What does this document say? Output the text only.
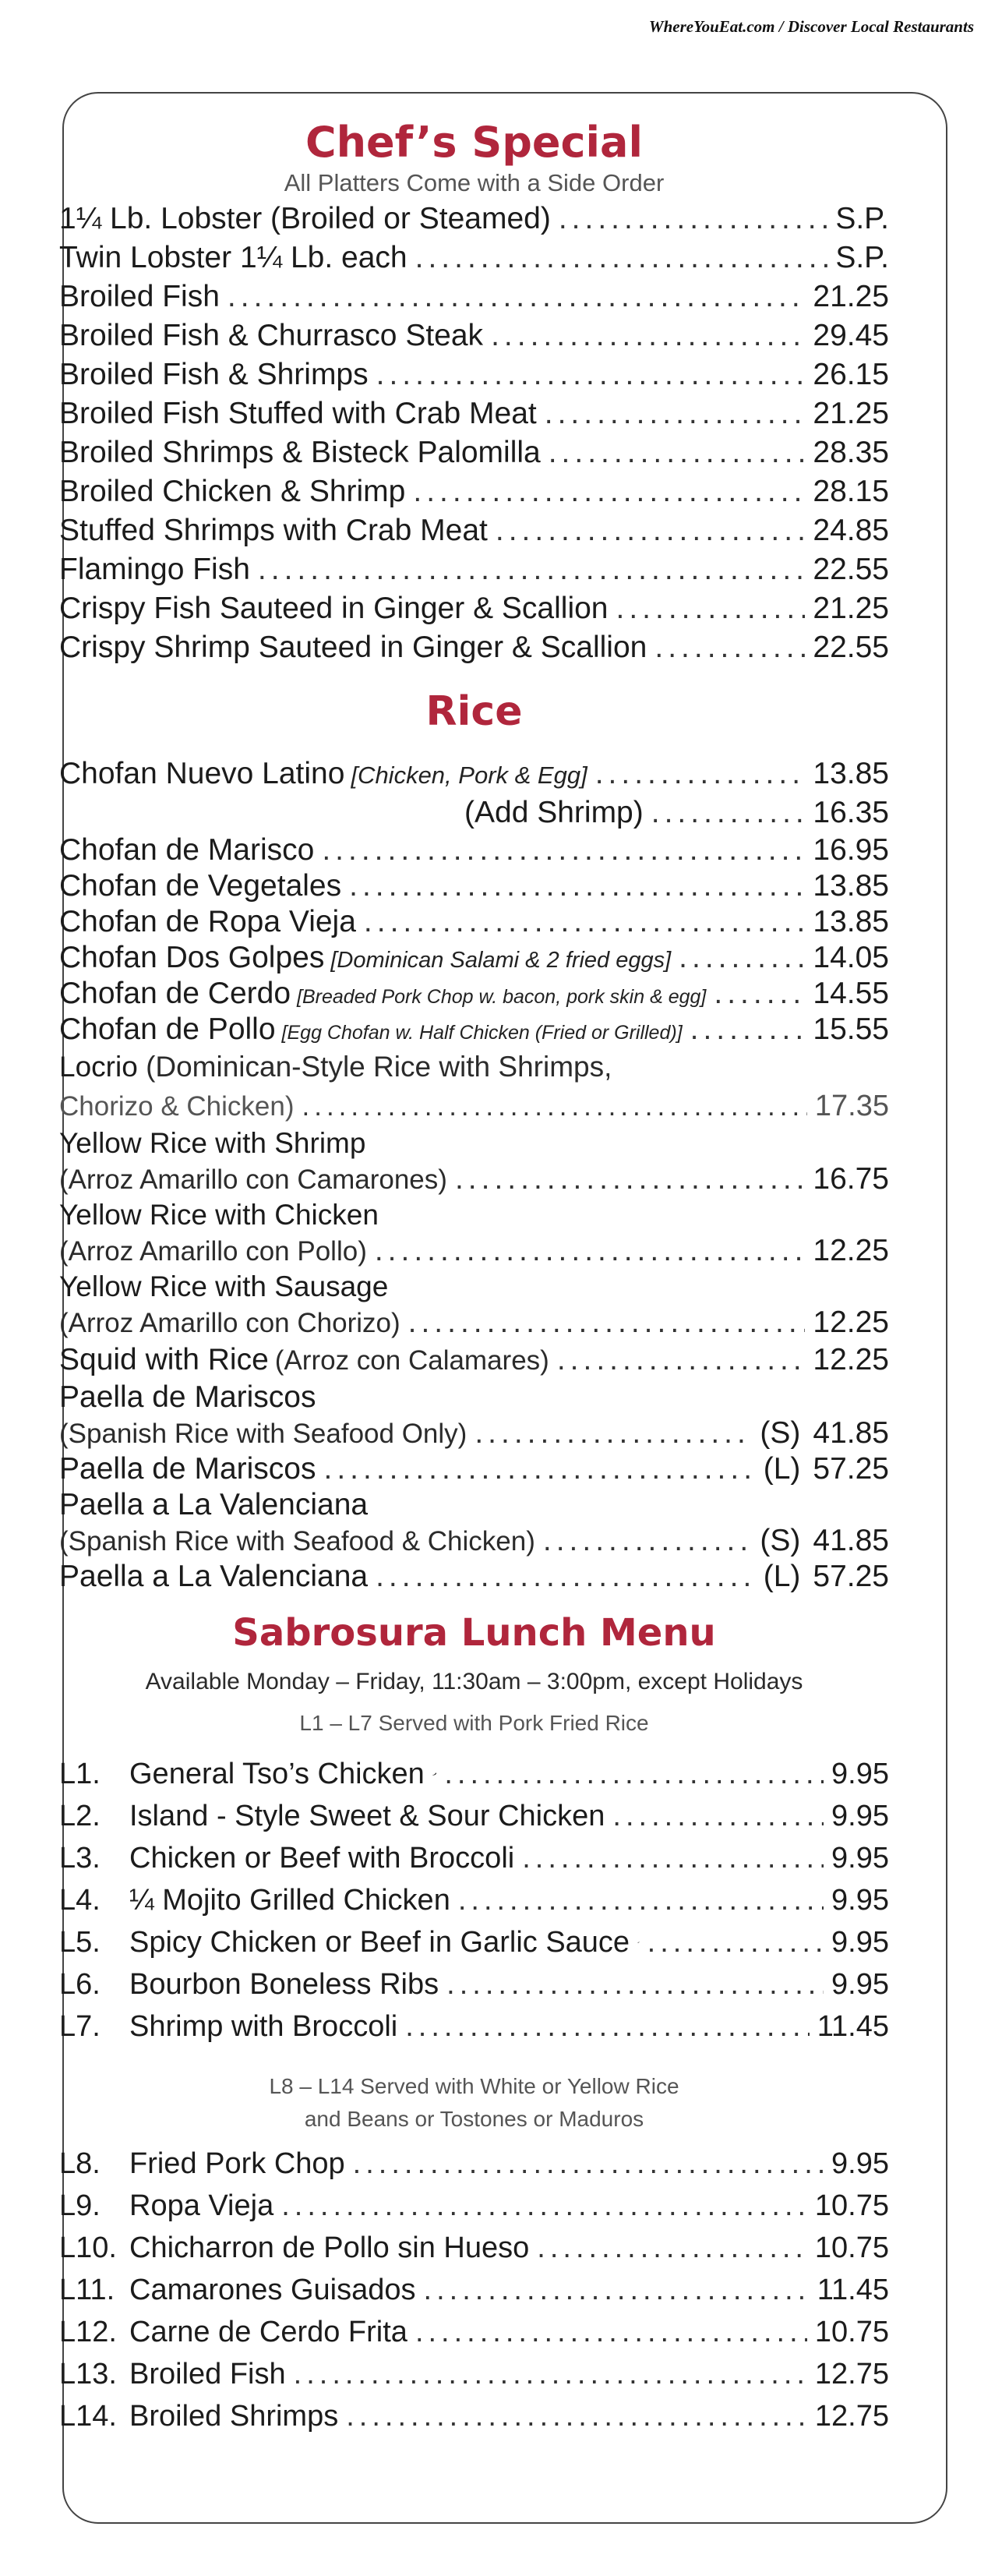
WhereYouEat.com / Discover Local Restaurants
Chef’s Special

All Platters Come with a Side Order

1¼ Lb. Lobster (Broiled or Steamed) .....	S.P.
Twin Lobster 1¼ Lb. each .....	S.P.
Broiled Fish .....	21.25
Broiled Fish & Churrasco Steak .....	29.45
Broiled Fish & Shrimps .....	26.15
Broiled Fish Stuffed with Crab Meat .....	21.25
Broiled Shrimps & Bisteck Palomilla .....	28.35
Broiled Chicken & Shrimp .....	28.15
Stuffed Shrimps with Crab Meat .....	24.85
Flamingo Fish .....	22.55
Crispy Fish Sauteed in Ginger & Scallion .....	21.25
Crispy Shrimp Sauteed in Ginger & Scallion .....	22.55
Rice
Chofan Nuevo Latino [Chicken, Pork & Egg] .....	13.85
(Add Shrimp) .....	16.35
Chofan de Marisco .....	16.95
Chofan de Vegetales .....	13.85
Chofan de Ropa Vieja .....	13.85
Chofan Dos Golpes [Dominican Salami & 2 fried eggs] .....	14.05
Chofan de Cerdo [Breaded Pork Chop w. bacon, pork skin & egg] .....	14.55
Chofan de Pollo [Egg Chofan w. Half Chicken (Fried or Grilled)] .....	15.55
Locrio (Dominican-Style Rice with Shrimps,
Chorizo & Chicken) .....	17.35
Yellow Rice with Shrimp
(Arroz Amarillo con Camarones) .....	16.75
Yellow Rice with Chicken
(Arroz Amarillo con Pollo) .....	12.25
Yellow Rice with Sausage
(Arroz Amarillo con Chorizo) .....	12.25
Squid with Rice (Arroz con Calamares) .....	12.25
Paella de Mariscos
(Spanish Rice with Seafood Only) .....	(S) 41.85
Paella de Mariscos .....	(L) 57.25
Paella a La Valenciana
(Spanish Rice with Seafood & Chicken) .....	(S) 41.85
Paella a La Valenciana .....	(L) 57.25
Sabrosura Lunch Menu

Available Monday – Friday, 11:30am – 3:00pm, except Holidays

L1 – L7 Served with Pork Fried Rice

L1. General Tso’s Chicken .....	9.95
L2. Island - Style Sweet & Sour Chicken .....	9.95
L3. Chicken or Beef with Broccoli .....	9.95
L4. ¼ Mojito Grilled Chicken .....	9.95
L5. Spicy Chicken or Beef in Garlic Sauce .....	9.95
L6. Bourbon Boneless Ribs .....	9.95
L7. Shrimp with Broccoli .....	11.45

L8 – L14 Served with White or Yellow Rice

and Beans or Tostones or Maduros

L8. Fried Pork Chop .....	9.95
L9. Ropa Vieja .....	10.75
L10. Chicharron de Pollo sin Hueso .....	10.75
L11. Camarones Guisados .....	11.45
L12. Carne de Cerdo Frita .....	10.75
L13. Broiled Fish .....	12.75
L14. Broiled Shrimps .....	12.75
